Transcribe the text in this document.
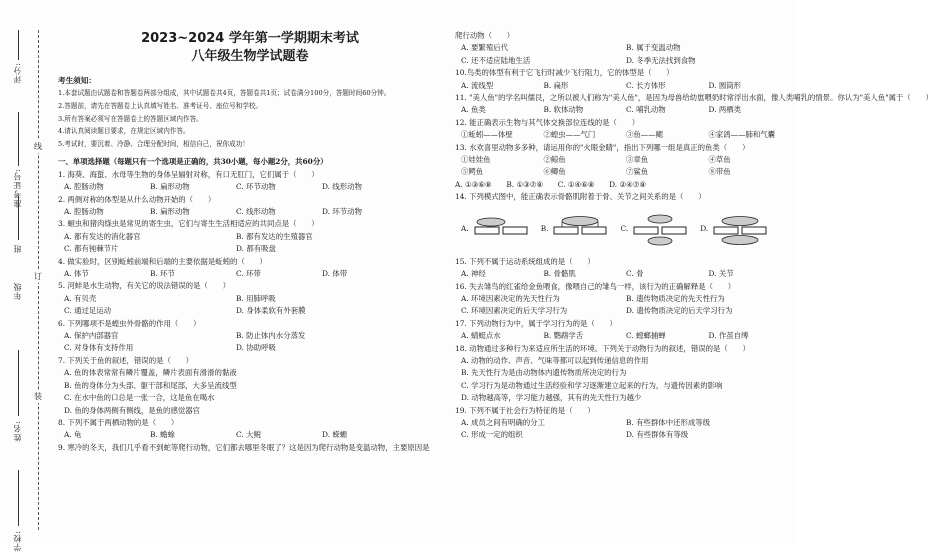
评分:
准考证号:
年级
班
姓名:
学校:
线
订
装
2023~2024 学年第一学期期末考试
八年级生物学试题卷
考生须知：
1.本套试题由试题卷和答题卷两部分组成，其中试题卷共4页，答题卷共1页；试卷满分100分，答题时间60分钟。
2.答题前，请先在答题卷上认真填写姓名、准考证号、座位号和学校。
3.所有答案必须写在答题卷上的答题区域内作答。
4.请认真阅读题目要求，在规定区域内作答。
5.考试时，要沉着、冷静、合理分配时间，相信自己，祝你成功！
一、单项选择题（每题只有一个选项是正确的，共30小题，每小题2分，共60分）
1. 海葵、海蜇、水母等生物的身体呈辐射对称，有口无肛门，它们属于（　　）
A. 腔肠动物	B. 扁形动物	C. 环节动物	D. 线形动物
2. 两侧对称的体型是从什么动物开始的（　　）
A. 腔肠动物	B. 扁形动物	C. 线形动物	D. 环节动物
3. 蛔虫和猪肉绦虫是常见的寄生虫，它们与寄生生活相适应的共同点是（　　）
A. 都有发达的消化器官	B. 都有发达的生殖器官
C. 都有钝棘节片	D. 都有吸盘
4. 做实验时，区别蚯蚓前端和后端的主要依据是蚯蚓的（　　）
A. 体节	B. 环节	C. 环带	D. 体带
5. 河蚌是水生动物，有关它的说法错误的是（　　）
A. 有贝壳	B. 用肺呼吸
C. 通过足运动	D. 身体柔软有外套膜
6. 下列哪项不是蝗虫外骨骼的作用（　　）
A. 保护内部器官	B. 防止体内水分蒸发
C. 对身体有支持作用	D. 协助呼吸
7. 下列关于鱼的叙述，错误的是（　　）
A. 鱼的体表常常有鳞片覆盖，鳞片表面有滑滑的黏液
B. 鱼的身体分为头部、躯干部和尾部，大多呈流线型
C. 在水中鱼的口总是一张一合，这是鱼在喝水
D. 鱼的身体两侧有侧线，是鱼的感觉器官
8. 下列不属于两栖动物的是（　　）
A. 龟	B. 蟾蜍	C. 大鲵	D. 蝾螈
9. 寒冷的冬天，我们几乎看不到蛇等爬行动物，它们都去哪里冬眠了？这是因为爬行动物是变温动物，主要原因是
爬行动物（　　）
A. 要繁殖后代	B. 属于变温动物
C. 还不适应陆地生活	D. 冬季无法找到食物
10.鸟类的体型有利于它飞行时减少飞行阻力，它的体型是（　　）
A. 流线型	B. 扁形	C. 长方体形	D. 圆筒形
11. "美人鱼"的学名叫儒艮，之所以被人们称为"美人鱼"，是因为母兽给幼崽喂奶时常浮出水面，像人类哺乳的情景。你认为"美人鱼"属于（　　）
A. 鱼类	B. 软体动物	C. 哺乳动物	D. 两栖类
12. 能正确表示生物与其气体交换部位连线的是（　　）
①蚯蚓——体壁	②蝗虫——气门	③鱼——鳃	④家鸽——肺和气囊
13. 水欢喜里动物多多种，请运用你的"火眼金睛"，指出下列哪一组是真正的鱼类（　　）
①娃娃鱼	②鲸鱼	③章鱼	④草鱼
⑤鳄鱼	⑥鲫鱼	⑦鲨鱼	⑧带鱼
A. ①③⑥⑧　　B. ①③⑦⑧　　C. ①④⑥⑧　　D. ②④⑦⑧
14. 下列模式图中，能正确表示骨骼肌附着于骨、关节之间关系的是（　　）
A.	B.	C.	D.
15. 下列不属于运动系统组成的是（　　）
A. 神经	B. 骨骼肌	C. 骨	D. 关节
16. 失去雏鸟的红雀给金鱼喂食，像喂自己的雏鸟一样，该行为的正确解释是（　　）
A. 环境因素决定的先天性行为	B. 遗传物质决定的先天性行为
C. 环境因素决定的后天学习行为	D. 遗传物质决定的后天学习行为
17. 下列动物行为中，属于学习行为的是（　　）
A. 蜻蜓点水	B. 鹦鹉学舌	C. 螳螂捕蝉	D. 作茧自缚
18. 动物通过多种行为来适应所生活的环境。下列关于动物行为的叙述，错误的是（　　）
A. 动物的动作、声音、气味等都可以起到传递信息的作用
B. 先天性行为是由动物体内遗传物质所决定的行为
C. 学习行为是动物通过生活经验和学习逐渐建立起来的行为，与遗传因素的影响
D. 动物越高等，学习能力越强，其有的先天性行为越少
19. 下列不属于社会行为特征的是（　　）
A. 成员之间有明确的分工	B. 有些群体中还形成等级
C. 形成一定的组织	D. 有些群体有等级
